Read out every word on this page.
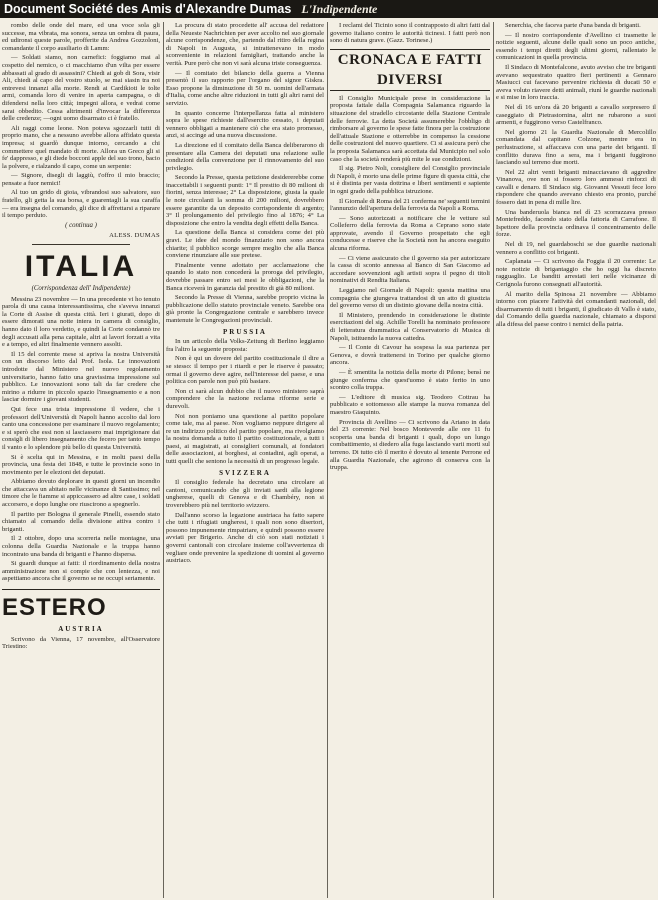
Document Société des Amis d'Alexandre Dumas L'Indipendente

rombo delle onde del mare, ed una voce sola gli successe, ma vibrata, ma sonora, senza un ombra di paura, ed udironsi queste parole, profferite da Andrea Gozzoloni, comandante il corpo ausiliario di Lamm:

— Soldati siamo, non carnefici: foggiamo mai al cospetto del nemico, o ci macchiamo d'un vilta per essere abbassati al grado di assassini? Chiedi ai gob di Sora, visir Ali, chiedi al capo del vostro stuolo, se mai siasin tra noi entrevesi innanzi alla morte. Rendi ai Cardikioti le tolte armi, comanda loro di venire in aperta campagna, o di difendersi nella loro città; impegni allora, e vedrai come sarai obbedito. Cessa altrimenti d'invocar la differenza delle credenze; —ogni uomo disarmato ci è fratello.

Ali raggi come leone. Non poteva sgozzarli tutti di proprio mano, che a nessuno avrebbe allora affidato questa impresa; si guardò dunque intorno, cercando a chi commettere quel mandato di morte. Allora un Greco gli si fe' dappresso, e gli diede bocconi apple del suo trono, bacio la polvere, e rialzando il capo, come un serpente:

— Signore, disegli di laggiù, t'offro il mio braccio; pensate a fuor nemici!

Al tuo un grido di gioia, vibrandosi suo salvatore, suo fratello, gli getta la sua borsa, e guarentagli la sua caraffa — era insegna del comando, gli dice di affrettarsi a riparare il tempo perduto.

( continua )
ALESS. DUMAS
ITALIA
(Corrispondenza dell' Indipendente)

Messina 23 novembre — In una precedente vi ho tenuto parola di una causa interessantissima, che s'aveva innanzi la Corte di Assise di questa città. Ieri i giurati, dopo di essere dimorati una notte intera in camera di consiglio, hanno dato il loro verdetto, e quindi la Corte condannò tre degli accusati alla pena capitale, altri ai lavori forzati a vita e a tempo, ed altri finalmente vennero assolti.

Il 15 del corrente mese si apriva la nostra Università con un discorso letto dal Prof. Isola. Le innovazioni introdotte dal Ministero nel nuovo regolamento universitario, hanno fatto una gravissima impressione sul pubblico. Le innovazioni sono tali da far credere che mirino a ridurre in piccolo spazio l'insegnamento e a non lasciar dormire i giovani studenti.

Qui fece una trista impressione il vedere, che i professori dell'Università di Napoli hanno accolto dal loro canto una concessione per esaminare il nuovo regolamento; e si sperò che essi non si lasciassero mai imprigionare dai consigli di libero insegnamento che fecero per tanto tempo il vanto e lo splendore più bello di questa Università.

Si è scelta qui in Messina, e in molti paesi della provincia, una festa dei 1848, e tutte le provincie sono in movimento per le elezioni dei deputati.

Abbiamo dovuto deplorare in questi giorni un incendio che attaccava un abitato nelle vicinanze di Santissimo; nel timore che le fiamme si appiccassero ad altre case, i soldati accorsero, e dopo lunghe ore riuscirono a spegnerlo.

Il partito per Bologna il generale Pinelli, essendo stato chiamato al comando della divisione attiva contro i briganti.

Il 2 ottobre, dopo una scorreria nelle montagne, una colonna della Guardia Nazionale e la truppa hanno incontrato una banda di briganti e l'hanno dispersa.

Si guardi dunque ai fatti: il riordinamento della nostra amministrazione non si compie che con lentezza, e noi aspettiamo ancora che il governo se ne occupi seriamente.

ESTERO
AUSTRIA

Scrivono da Vienna, 17 novembre, all'Osservatore Triestino:

La procura di stato procedette all' accusa del redattore della Neueste Nachrichten per aver accolto nel suo giornale alcune corrispondenze, che, partendo dal ritiro della regina di Napoli in Augusta, si intrattenevano in modo sconveniente in relazioni famigliari, trattando anche la verità. Pure però che non vi sarà alcuna triste conseguenza.

— Il comitato dei bilancio della guerra a Vienna presentò il suo rapporto per l'organo del signor Giskra. Esso propone la diminuzione di 50 m. uomini dell'armata d'Italia, come anche altre riduzioni in tutti gli altri rami del servizio.

In quanto concerne l'interpellanza fatta al ministero sopra le spese richieste dall'esercito cessato, i deputati vennero obbligati a mantenere ciò che era stato promesso, anzi, si accinge ad una nuova discussione.

La direzione ed il comitato della Banca deliberarono di presentare alla Camera dei deputati una relazione sulle condizioni della convenzione per il rinnovamento del suo privilegio.

Secondo la Presse, questa petizione desidererebbe come inaccettabili i seguenti punti: 1° Il prestito di 80 milioni di fiorini, senza interesse; 2° La disposizione, giusta la quale le note circolanti la somma di 200 milioni, dovrebbero essere garantite da un deposito corrispondente di argento; 3° Il prolungamento del privilegio fino al 1876; 4° La disposizione che entro la vendita degli effetti della Banca.

La questione della Banca si considera come dei più gravi. Le idee del mondo finanziario non sono ancora chiarite; il pubblico scorge sempre meglio che alla Banca conviene rinunziare alle sue pretese.

Finalmente venne adottato per acclamazione che quando lo stato non concederà la proroga del privilegio, dovrebbe passare entro sei mesi le obbligazioni, che la Banca riceverà in garanzia dal prestito di già 80 milioni.

Secondo la Presse di Vienna, sarebbe proprio vicina la pubblicazione dello statuto provinciale veneto. Sarebbe ora già pronte la Congregazione centrale e sarebbero invece mantenute le Congregazioni provinciali.

PRUSSIA

In un articolo della Volks-Zeitung di Berlino leggiamo fra l'altro la seguente proposta:

Non è qui un dovere del partito costituzionale il dire a se stesso: il tempo per i ritardi e per le riserve è passato; ormai il governo deve agire, nell'interesse del paese, e una politica con parole non può più bastare.

Non ci sarà alcun dubbio che il nuovo ministero saprà comprendere che la nazione reclama riforme serie e durevoli.

Noi non poniamo una questione al partito popolare come tale, ma al paese. Non vogliamo neppure dirigere al re un indirizzo politico del partito popolare, ma rivolgiamo la nostra domanda a tutto il partito costituzionale, a tutti i paesi, ai magistrati, ai consiglieri comunali, ai fondatori delle associazioni, ai borghesi, ai contadini, agli operai, a tutti quelli che sentono la necessità di un progresso legale.

SVIZZERA

Il consiglio federale ha decretato una circolare ai cantoni, comunicando che gli inviati sardi alla legione ungherese, quelli di Genova e di Chambéry, non si troverebbero più nel territorio svizzero.

Dall'anno scorso la legazione austriaca ha fatto sapere che tutti i rifugiati ungheresi, i quali non sono disertori, possono impunemente rimpatriare, e quindi possono essere avviati per Brigerio. Anche di ciò son stati notiziati i governi cantonali con circolare insieme coll'avvertenza di vegliare onde prevenire la spedizione di uomini al governo austriaco.

I reclami del Ticinio sono il contrapposto di altri fatti dal governo italiano contro le autorità ticinesi. I fatti però non sono di natura grave. (Gazz. Torinese.)

CRONACA E FATTI DIVERSI

Il Consiglio Municipale prese in considerazione la proposta fattale dalla Compagnia Salamanca riguardo la situazione del stradello circostante della Stazione Centrale delle ferrovie. La detta Società assumerebbe l'obbligo di rimborsare al governo le spese fatte finora per la costruzione dell'attuale Stazione e otterrebbe in compenso la cessione delle costruzioni del nuovo quartiere. Ci si assicura però che la proposta Salamanca sarà accettata dal Municipio nel solo caso che la società renderà più mite le sue condizioni.

Il sig. Pietro Noli, consigliere del Consiglio provinciale di Napoli, è morto una delle prime figure di questa città, che si è distinta per vasta dottrina e liberi sentimenti e sapiente in ogni grado della pubblica istruzione.

Il Giornale di Roma del 21 conferma ne' seguenti termini l'annunzio dell'apertura della ferrovia da Napoli a Roma.

— Sono autorizzati a notificare che le vetture sul Colleferro della ferrovia da Roma a Ceprano sono state approvate, avendo il Governo prospettato che egli conducesse e riserve che la Società non ha ancora eseguito alcuna riforma.

— Ci viene assicurato che il governo sia per autorizzare la cassa di sconto annessa al Banco di San Giacomo ad accordare sovvenzioni agli artisti sopra il pegno di titoli nominativi di Rendita Italiana.

Leggiamo nel Giornale di Napoli: questa mattina una compagnia che giungeva trattandosi di un atto di giustizia del governo verso di un distinto giovane della nostra città.

Il Ministero, prendendo in considerazione le distinte esercitazioni del sig. Achille Torelli ha nominato professore di letteratura drammatica al Conservatorio di Musica di Napoli, istituendo la nuova cattedra.

— Il Conte di Cavour ha sospesa la sua partenza per Genova, e dovrà trattenersi in Torino per qualche giorno ancora.

— È smentita la notizia della morte di Pilone; bensì ne giunge conferma che quest'uomo è stato ferito in uno scontro colla truppa.

— L'editore di musica sig. Teodoro Cottrau ha pubblicato e sottomesso alle stampe la nuova romanza del maestro Giaquinto.

Provincia di Avellino — Ci scrivono da Ariano in data del 23 corrente: Nel bosco Monteverde alle ore 11 fu scoperta una banda di briganti i quali, dopo un lungo combattimento, si diedero alla fuga lasciando varii morti sul terreno. Di tutto ciò il merito è dovuto al tenente Perrone ed alla Guardia Nazionale, che agirono di conserva con la truppa.

Senerchia, che faceva parte d'una banda di briganti.

— Il nostro corrispondente d'Avellino ci trasmette le notizie seguenti, alcune delle quali sono un poco antiche, essendo i tempi diretti degli ultimi giorni, rallentato le comunicazioni in quella provincia.

Il Sindaco di Montefalcone, avuto avviso che tre briganti avevano sequestrato quattro fieri pertinenti a Gennaro Masiucci cui facevano pervenire richiesta di ducati 50 e aveva voluto riavere detti animali, riunì le guardie nazionali e si mise in loro traccia.

Nel dì 16 un'ora dà 20 briganti a cavallo sorpresero il caseggiato di Pietrastornina, altri ne rubarono a suoi armenti, e fuggirono verso Castelfranco.

Nel giorno 21 la Guardia Nazionale di Mercolillo comandata dal capitano Colzone, mentre era in perlustrazione, si affaccava con una parte dei briganti. Il conflitto durava fino a sera, ma i briganti fuggirono lasciando sul terreno due morti.

Nel 22 altri venti briganti minacciavano di aggredire Vinanova, ove non si fossero loro ammessi rinforzi di cavalli e denaro. Il Sindaco sig. Giovanni Vessuti fece loro rispondere che quando avevano chiesto era pronto, purché fossero dati in pena di mille lire.

Una banderuola bianca nel dì 23 scorrazzava presso Montefreddo, facendo stato della fattoria di Carrafone. Il Ispettore della provincia ordinava il concentramento delle forze.

Nel di 19, nel guardaboschi se due guardie nazionali vennero a conflitto coi briganti.

Caplanata — Ci scrivono da Foggia il 20 corrente: Le note notizie di brigantaggio che ho oggi ha discreto ragguaglio. Le banditi arrestati ieri nelle vicinanze di Cerignola furono consegnati all'autorità.

Al marito della Spinosa 21 novembre — Abbiamo intorno con piacere l'attività dei comandanti nazionali, del disarmamento di tutti i briganti, il giudicato di Vallo è stato, dal Comando della guardia nazionale, chiamato a disporsi alla difesa del paese contro i nemici della patria.
